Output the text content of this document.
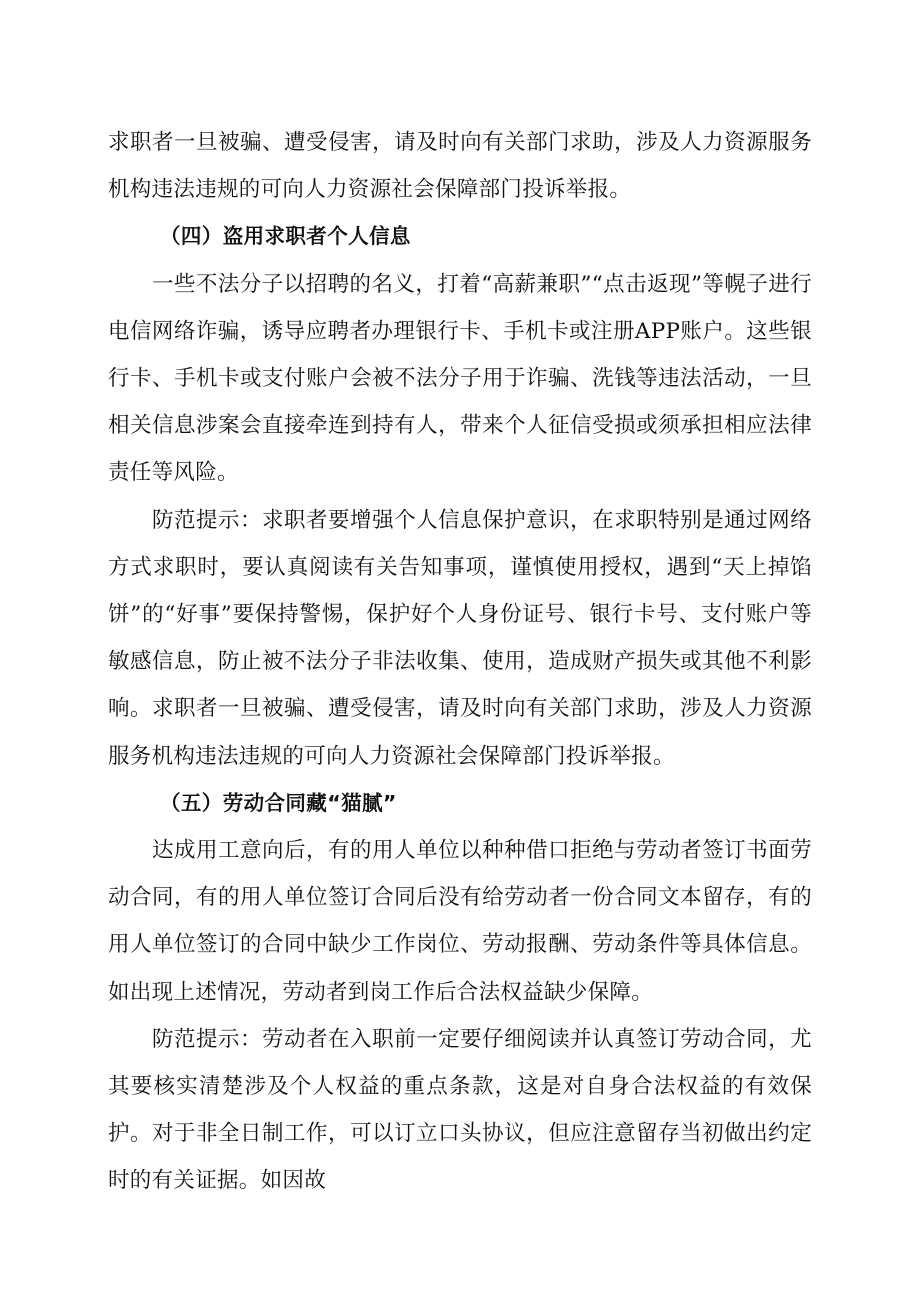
求职者一旦被骗、遭受侵害，请及时向有关部门求助，涉及人力资源服务机构违法违规的可向人力资源社会保障部门投诉举报。

（四）盗用求职者个人信息

一些不法分子以招聘的名义，打着“高薪兼职”“点击返现”等幌子进行电信网络诈骗，诱导应聘者办理银行卡、手机卡或注册APP账户。这些银行卡、手机卡或支付账户会被不法分子用于诈骗、洗钱等违法活动，一旦相关信息涉案会直接牵连到持有人，带来个人征信受损或须承担相应法律责任等风险。

防范提示：求职者要增强个人信息保护意识，在求职特别是通过网络方式求职时，要认真阅读有关告知事项，谨慎使用授权，遇到“天上掉馅饼”的“好事”要保持警惕，保护好个人身份证号、银行卡号、支付账户等敏感信息，防止被不法分子非法收集、使用，造成财产损失或其他不利影响。求职者一旦被骗、遭受侵害，请及时向有关部门求助，涉及人力资源服务机构违法违规的可向人力资源社会保障部门投诉举报。

（五）劳动合同藏“猫腻”

达成用工意向后，有的用人单位以种种借口拒绝与劳动者签订书面劳动合同，有的用人单位签订合同后没有给劳动者一份合同文本留存，有的用人单位签订的合同中缺少工作岗位、劳动报酬、劳动条件等具体信息。如出现上述情况，劳动者到岗工作后合法权益缺少保障。

防范提示：劳动者在入职前一定要仔细阅读并认真签订劳动合同，尤其要核实清楚涉及个人权益的重点条款，这是对自身合法权益的有效保护。对于非全日制工作，可以订立口头协议，但应注意留存当初做出约定时的有关证据。如因故
